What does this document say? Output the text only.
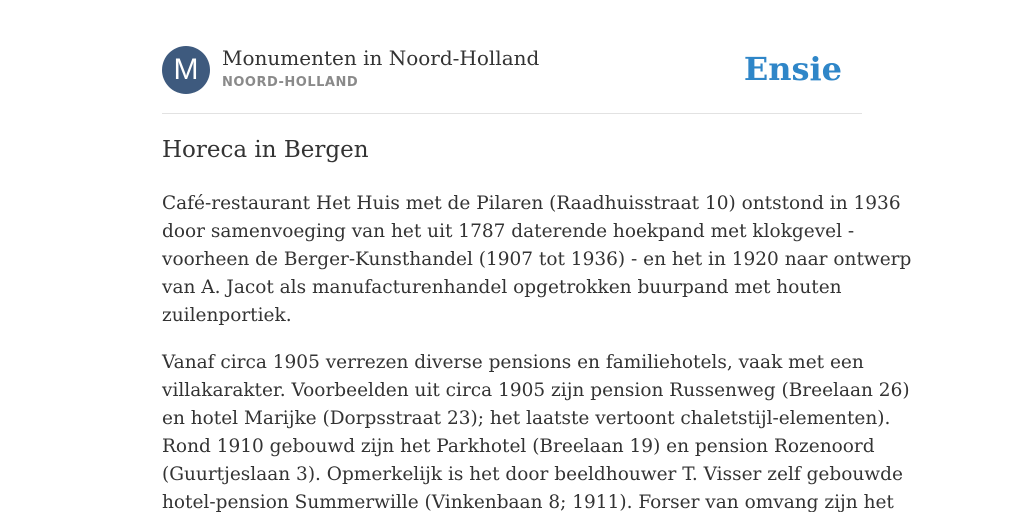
M	Monumenten in Noord-Holland
NOORD-HOLLAND	Ensie
Horeca in Bergen

Café-restaurant Het Huis met de Pilaren (Raadhuisstraat 10) ontstond in 1936
door samenvoeging van het uit 1787 daterende hoekpand met klokgevel -
voorheen de Berger-Kunsthandel (1907 tot 1936) - en het in 1920 naar ontwerp
van A. Jacot als manufacturenhandel opgetrokken buurpand met houten
zuilenportiek.

Vanaf circa 1905 verrezen diverse pensions en familiehotels, vaak met een
villakarakter. Voorbeelden uit circa 1905 zijn pension Russenweg (Breelaan 26)
en hotel Marijke (Dorpsstraat 23); het laatste vertoont chaletstijl-elementen).
Rond 1910 gebouwd zijn het Parkhotel (Breelaan 19) en pension Rozenoord
(Guurtjeslaan 3). Opmerkelijk is het door beeldhouwer T. Visser zelf gebouwde
hotel-pension Summerwille (Vinkenbaan 8; 1911). Forser van omvang zijn het
